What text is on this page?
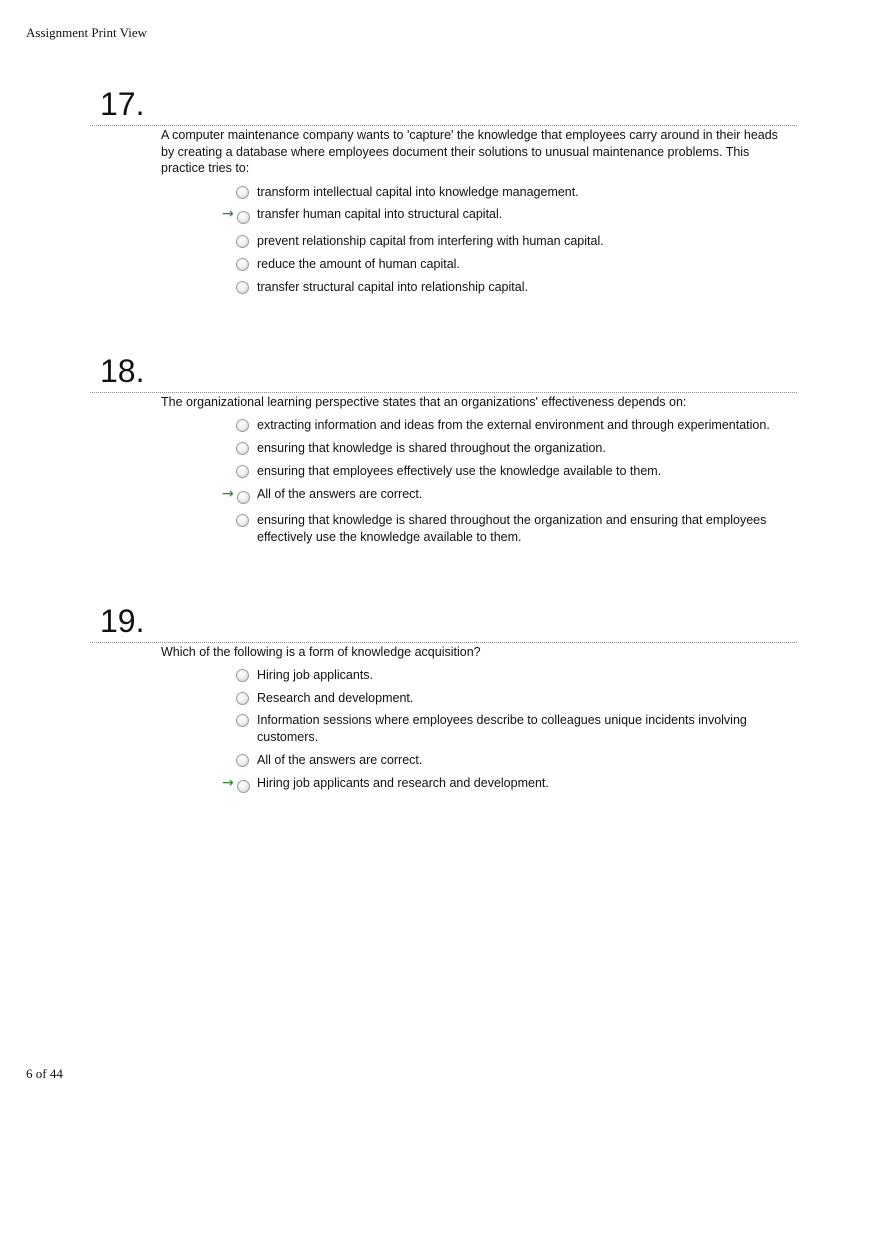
Assignment Print View
17.
A computer maintenance company wants to 'capture' the knowledge that employees carry around in their heads by creating a database where employees document their solutions to unusual maintenance problems. This practice tries to:
transform intellectual capital into knowledge management.
→ transfer human capital into structural capital.
prevent relationship capital from interfering with human capital.
reduce the amount of human capital.
transfer structural capital into relationship capital.
18.
The organizational learning perspective states that an organizations' effectiveness depends on:
extracting information and ideas from the external environment and through experimentation.
ensuring that knowledge is shared throughout the organization.
ensuring that employees effectively use the knowledge available to them.
→ All of the answers are correct.
ensuring that knowledge is shared throughout the organization and ensuring that employees effectively use the knowledge available to them.
19.
Which of the following is a form of knowledge acquisition?
Hiring job applicants.
Research and development.
Information sessions where employees describe to colleagues unique incidents involving customers.
All of the answers are correct.
→ Hiring job applicants and research and development.
6 of 44
